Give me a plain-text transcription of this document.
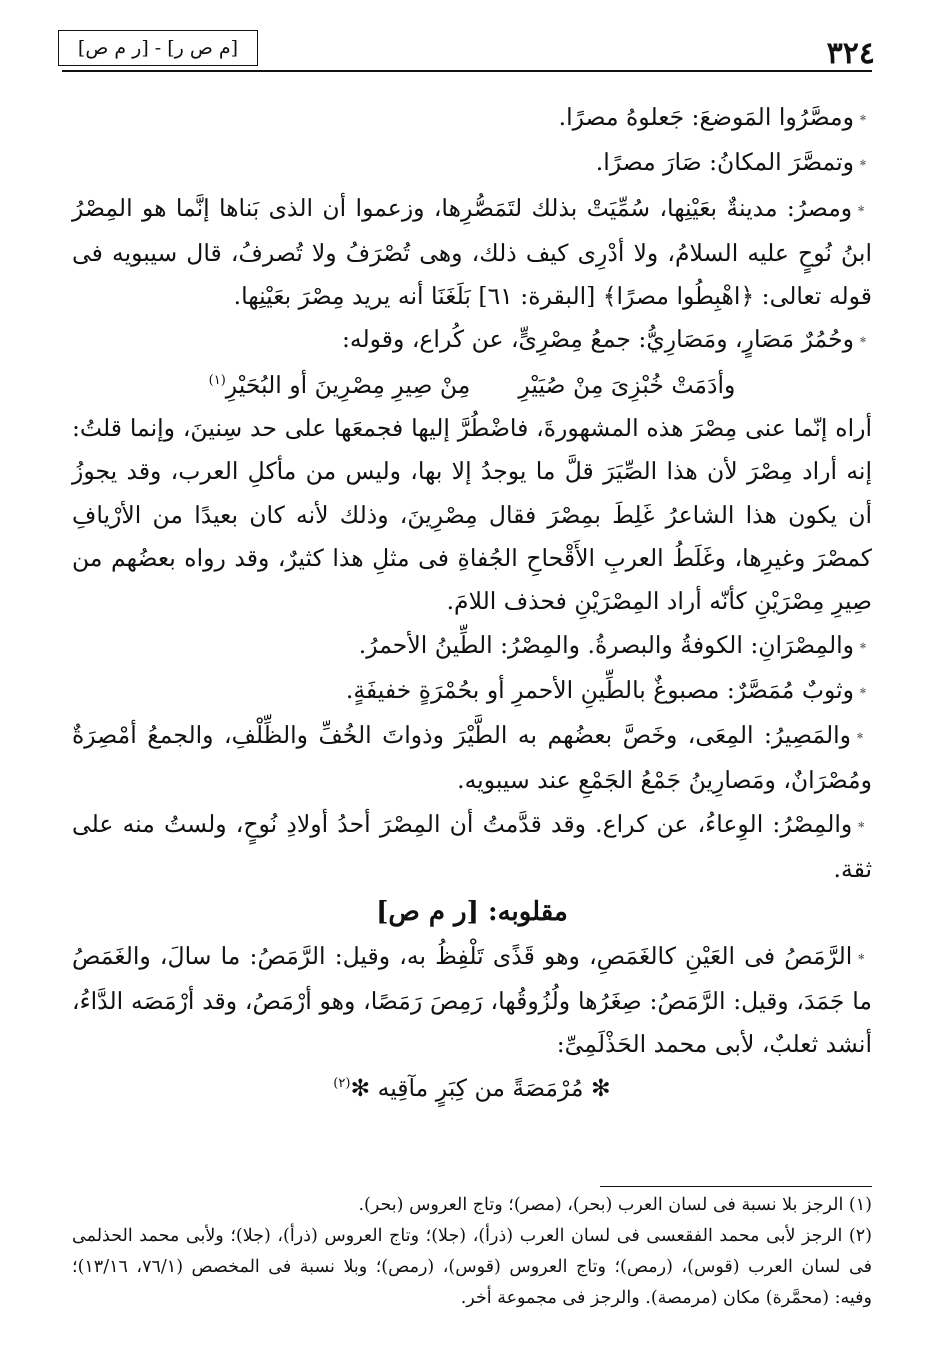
٣٢٤
[م ص ر] - [ر م ص]

﹡ ومصَّرُوا المَوضعَ: جَعلوهُ مصرًا.

﹡ وتمصَّرَ المكانُ: صَارَ مصرًا.

﹡ ومصرُ: مدينةٌ بعَيْنِها، سُمِّيَتْ بذلك لتَمَصُّرِها، وزعموا أن الذى بَناها إنَّما هو المِصْرُ ابنُ نُوحٍ عليه السلامُ، ولا أدْرِى كيف ذلك، وهى تُصْرَفُ ولا تُصرفُ، قال سيبويه فى قوله تعالى: ﴿اهْبِطُوا مصرًا﴾ [البقرة: ٦١] بَلَغَنَا أنه يريد مِصْرَ بعَيْنِها.

﹡ وحُمُرٌ مَصَارٍ، ومَصَارِيُّ: جمعُ مِصْرِىٍّ، عن كُراع، وقوله:

وأدَمَتْ خُبْزِىَ مِنْ صُيَيْرِ
مِنْ صِيرِ مِصْرِينَ أو البُحَيْرِ$^{(١)}$

أراه إنّما عنى مِصْرَ هذه المشهورةَ، فاضْطُرَّ إليها فجمعَها على حد سِنينَ، وإنما قلتُ: إنه أراد مِصْرَ لأن هذا الصِّيَرَ قلَّ ما يوجدُ إلا بها، وليس من مأكلِ العرب، وقد يجوزُ أن يكون هذا الشاعرُ غَلِطَ بمِصْرَ فقال مِصْرِينَ، وذلك لأنه كان بعيدًا من الأرْيافِ كمصْرَ وغيرِها، وغَلَطُ العربِ الأَقْحاحِ الجُفاةِ فى مثلِ هذا كثيرٌ، وقد رواه بعضُهم من صِيرِ مِصْرَيْنِ كأنّه أراد المِصْرَيْنِ فحذف اللامَ.

﹡ والمِصْرَانِ: الكوفةُ والبصرةُ. والمِصْرُ: الطِّينُ الأحمرُ.

﹡ وثوبٌ مُمَصَّرٌ: مصبوغٌ بالطِّينِ الأحمرِ أو بحُمْرَةٍ خفيفَةٍ.

﹡ والمَصِيرُ: المِعَى، وخَصَّ بعضُهم به الطَّيْرَ وذواتَ الخُفِّ والظِّلْفِ، والجمعُ أمْصِرَةٌ ومُصْرَانٌ، ومَصارِينُ جَمْعُ الجَمْعِ عند سيبويه.

﹡ والمِصْرُ: الوِعاءُ، عن كراع. وقد قدَّمتُ أن المِصْرَ أحدُ أولادِ نُوحٍ، ولستُ منه على ثقة.

مقلوبه: [ر م ص]

﹡ الرَّمَصُ فى العَيْنِ كالغَمَصِ، وهو قَذًى تَلْفِظُ به، وقيل: الرَّمَصُ: ما سالَ، والغَمَصُ ما جَمَدَ، وقيل: الرَّمَصُ: صِغَرُها ولُزُوقُها، رَمِصَ رَمَصًا، وهو أرْمَصُ، وقد أرْمَصَه الدَّاءُ، أنشد ثعلبٌ، لأبى محمد الحَذْلَمِىِّ:

✻ مُرْمَصَةً من كِبَرٍ مآقِيه ✻$^{(٢)}$

(١) الرجز بلا نسبة فى لسان العرب (بحر)، (مصر)؛ وتاج العروس (بحر).

(٢) الرجز لأبى محمد الفقعسى فى لسان العرب (ذرأ)، (جلا)؛ وتاج العروس (ذرأ)، (جلا)؛ ولأبى محمد الحذلمى فى لسان العرب (قوس)، (رمص)؛ وتاج العروس (قوس)، (رمص)؛ وبلا نسبة فى المخصص (٧٦/١، ١٣/١٦)؛ وفيه: (محمَّرة) مكان (مرمصة). والرجز فى مجموعة أخر.
